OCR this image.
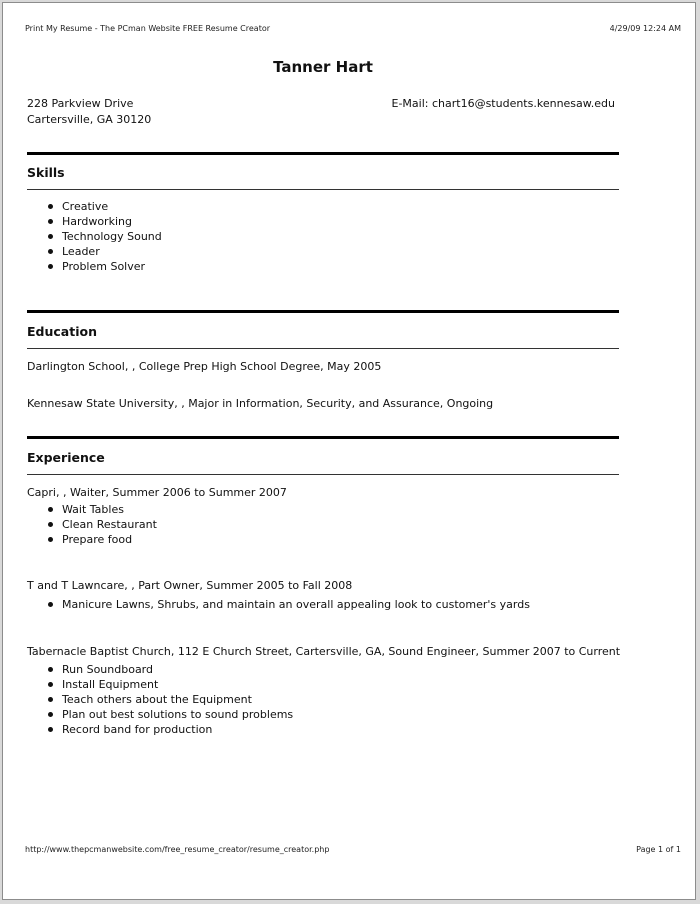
Print My Resume - The PCman Website FREE Resume Creator	4/29/09 12:24 AM
Tanner Hart
228 Parkview Drive
Cartersville, GA 30120
E-Mail: chart16@students.kennesaw.edu
Skills
Creative
Hardworking
Technology Sound
Leader
Problem Solver
Education
Darlington School, , College Prep High School Degree, May 2005
Kennesaw State University, , Major in Information, Security, and Assurance, Ongoing
Experience
Capri, , Waiter, Summer 2006 to Summer 2007
Wait Tables
Clean Restaurant
Prepare food
T and T Lawncare, , Part Owner, Summer 2005 to Fall 2008
Manicure Lawns, Shrubs, and maintain an overall appealing look to customer's yards
Tabernacle Baptist Church, 112 E Church Street, Cartersville, GA, Sound Engineer, Summer 2007 to Current
Run Soundboard
Install Equipment
Teach others about the Equipment
Plan out best solutions to sound problems
Record band for production
http://www.thepcmanwebsite.com/free_resume_creator/resume_creator.php	Page 1 of 1
